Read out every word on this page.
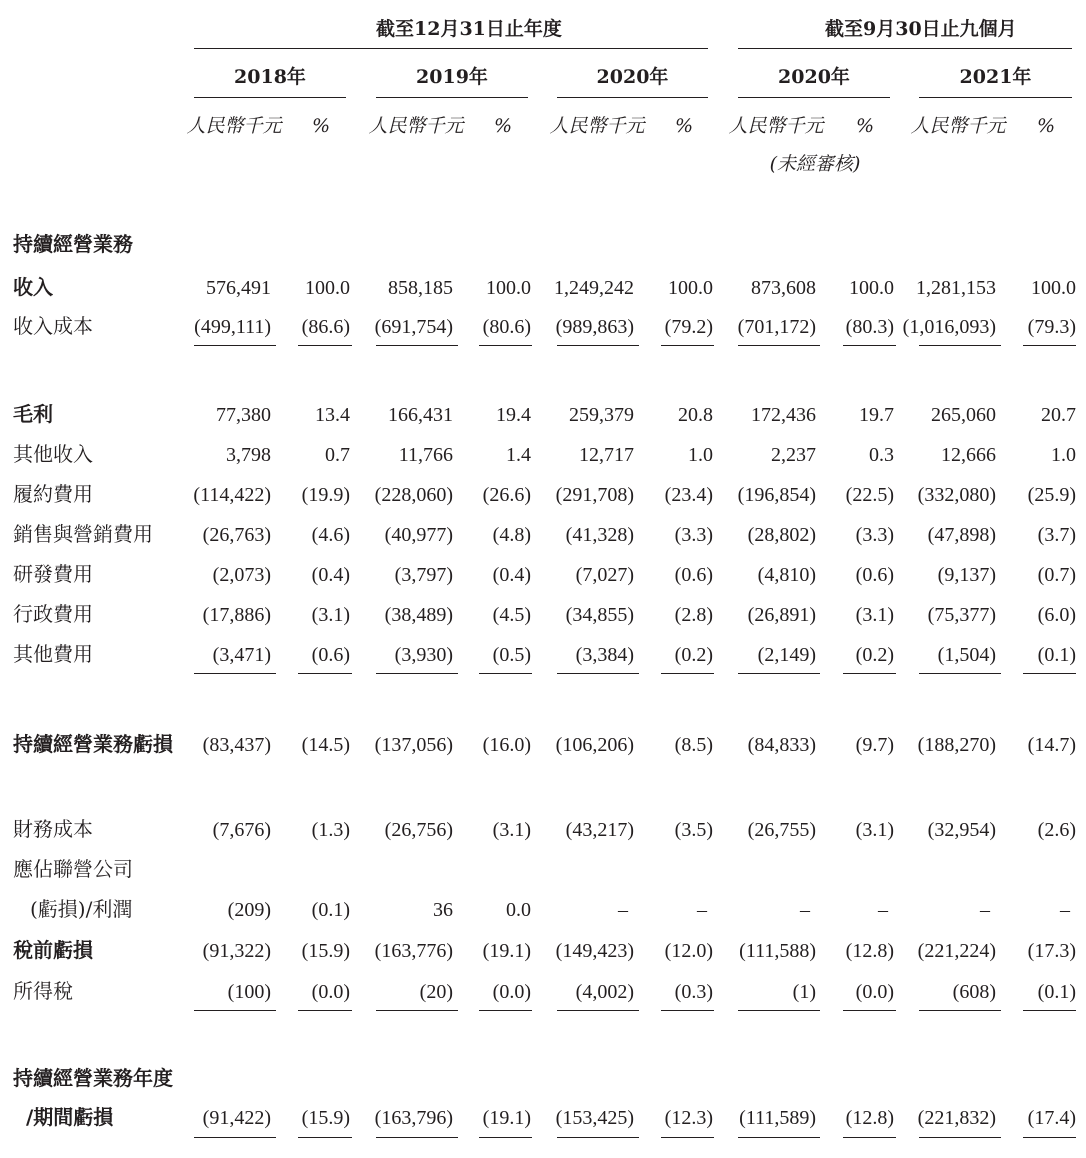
截至12月31日止年度	截至9月30日止九個月
2018年	2019年	2020年	2020年	2021年
人民幣千元	%	人民幣千元	%	人民幣千元	%	人民幣千元	%	人民幣千元	%
(未經審核)
持續經營業務
收入	576,491	100.0	858,185	100.0	1,249,242	100.0	873,608	100.0	1,281,153	100.0
收入成本	(499,111)	(86.6)	(691,754)	(80.6)	(989,863)	(79.2)	(701,172)	(80.3) (1,016,093)	(79.3)
毛利	77,380	13.4	166,431	19.4	259,379	20.8	172,436	19.7	265,060	20.7
其他收入	3,798	0.7	11,766	1.4	12,717	1.0	2,237	0.3	12,666	1.0
履約費用	(114,422)	(19.9)	(228,060)	(26.6)	(291,708)	(23.4)	(196,854)	(22.5)	(332,080)	(25.9)
銷售與營銷費用	(26,763)	(4.6)	(40,977)	(4.8)	(41,328)	(3.3)	(28,802)	(3.3)	(47,898)	(3.7)
研發費用	(2,073)	(0.4)	(3,797)	(0.4)	(7,027)	(0.6)	(4,810)	(0.6)	(9,137)	(0.7)
行政費用	(17,886)	(3.1)	(38,489)	(4.5)	(34,855)	(2.8)	(26,891)	(3.1)	(75,377)	(6.0)
其他費用	(3,471)	(0.6)	(3,930)	(0.5)	(3,384)	(0.2)	(2,149)	(0.2)	(1,504)	(0.1)
持續經營業務虧損	(83,437)	(14.5)	(137,056)	(16.0)	(106,206)	(8.5)	(84,833)	(9.7)	(188,270)	(14.7)
財務成本	(7,676)	(1.3)	(26,756)	(3.1)	(43,217)	(3.5)	(26,755)	(3.1)	(32,954)	(2.6)
應佔聯營公司
(虧損)/利潤	(209)	(0.1)	36	0.0	–	–	–	–	–	–
稅前虧損	(91,322)	(15.9)	(163,776)	(19.1)	(149,423)	(12.0)	(111,588)	(12.8)	(221,224)	(17.3)
所得稅	(100)	(0.0)	(20)	(0.0)	(4,002)	(0.3)	(1)	(0.0)	(608)	(0.1)
持續經營業務年度
/期間虧損	(91,422)	(15.9)	(163,796)	(19.1)	(153,425)	(12.3)	(111,589)	(12.8)	(221,832)	(17.4)
